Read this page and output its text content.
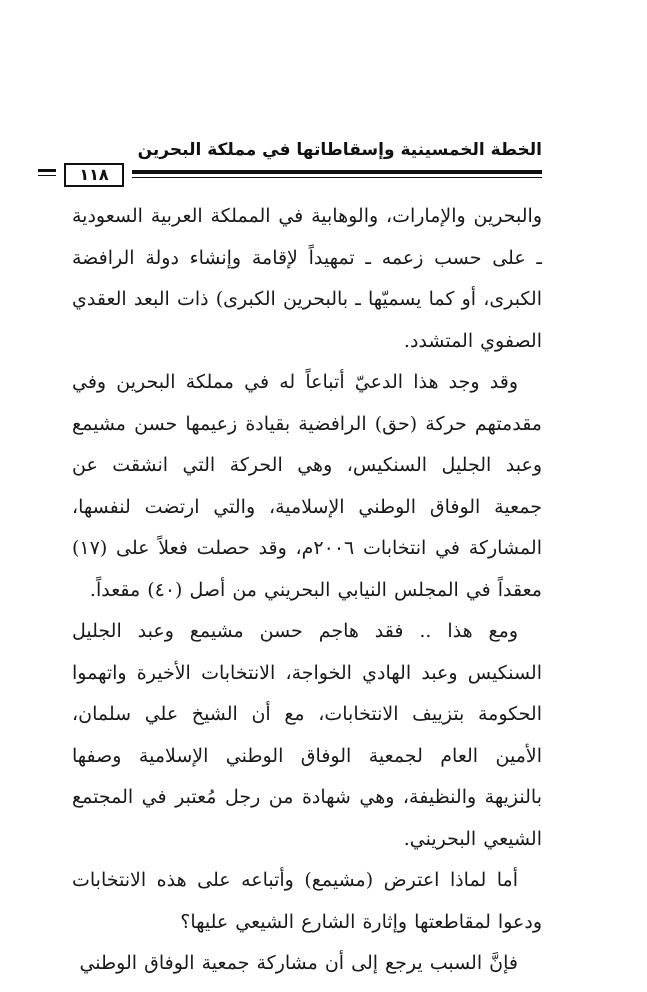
الخطة الخمسينية وإسقاطاتها في مملكة البحرين
١١٨

والبحرين والإمارات، والوهابية في المملكة العربية السعودية ـ على حسب زعمه ـ تمهيداً لإقامة وإنشاء دولة الرافضة الكبرى، أو كما يسميّها ـ بالبحرين الكبرى) ذات البعد العقدي الصفوي المتشدد.

وقد وجد هذا الدعيّ أتباعاً له في مملكة البحرين وفي مقدمتهم حركة (حق) الرافضية بقيادة زعيمها حسن مشيمع وعبد الجليل السنكيس، وهي الحركة التي انشقت عن جمعية الوفاق الوطني الإسلامية، والتي ارتضت لنفسها، المشاركة في انتخابات ٢٠٠٦م، وقد حصلت فعلاً على (١٧) معقداً في المجلس النيابي البحريني من أصل (٤٠) مقعداً.

ومع هذا .. فقد هاجم حسن مشيمع وعبد الجليل السنكيس وعبد الهادي الخواجة، الانتخابات الأخيرة واتهموا الحكومة بتزييف الانتخابات، مع أن الشيخ علي سلمان، الأمين العام لجمعية الوفاق الوطني الإسلامية وصفها بالنزيهة والنظيفة، وهي شهادة من رجل مُعتبر في المجتمع الشيعي البحريني.

أما لماذا اعترض (مشيمع) وأتباعه على هذه الانتخابات ودعوا لمقاطعتها وإثارة الشارع الشيعي عليها؟

فإنَّ السبب يرجع إلى أن مشاركة جمعية الوفاق الوطني
